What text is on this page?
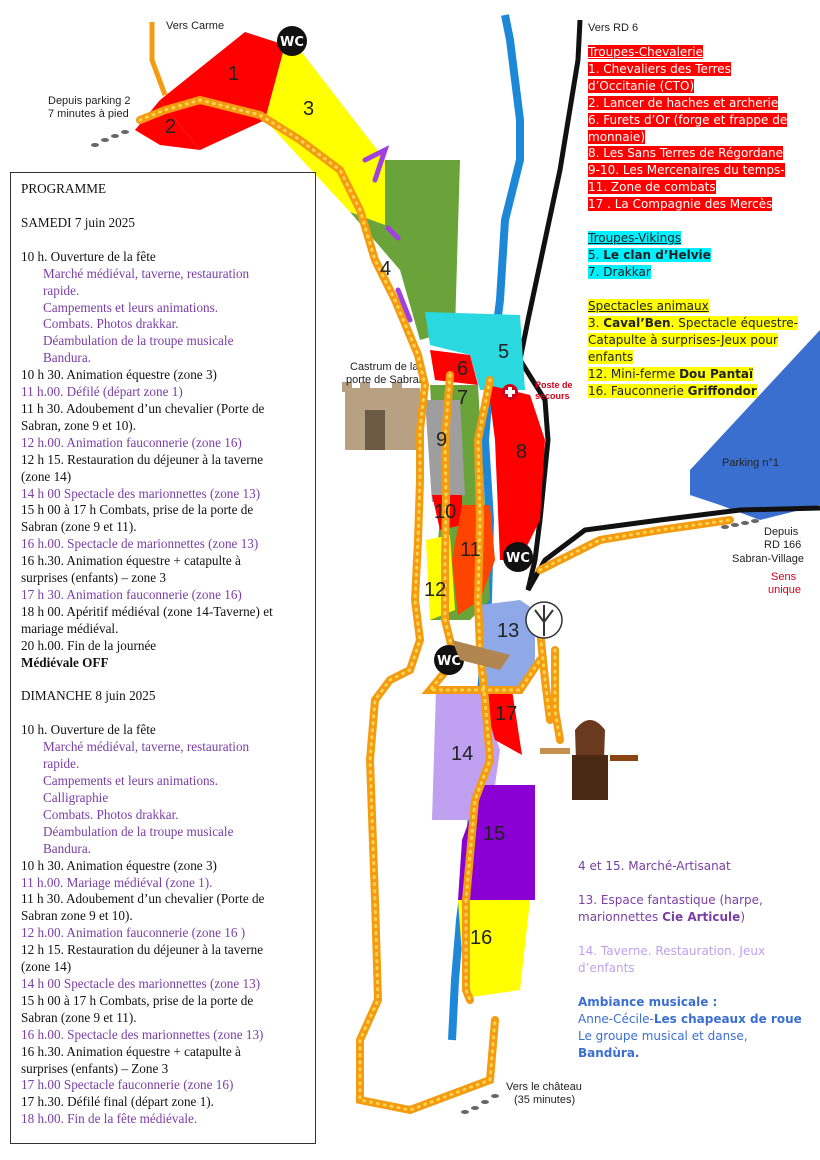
Parking n°1
Castrum de la
porte de Sabran
1
2
3
4
5
6
7
8
9
10
11
12
13
14
15
16
17
WC
WC
WC
Poste de
secours
Vers Carme
Depuis parking 2
7 minutes à pied
Vers RD 6
Depuis
RD 166
Sabran-Village
Sens
unique
Vers le château
(35 minutes)
PROGRAMME
SAMEDI 7 juin 2025
10 h. Ouverture de la fête
Marché médiéval, taverne, restauration
rapide.
Campements et leurs animations.
Combats. Photos drakkar.
Déambulation de la troupe musicale
Bandura.
10 h 30. Animation équestre (zone 3)
11 h.00. Défilé (départ zone 1)
11 h 30. Adoubement d’un chevalier (Porte de
Sabran, zone 9 et 10).
12 h.00. Animation fauconnerie (zone 16)
12 h 15. Restauration du déjeuner à la taverne
(zone 14)
14 h 00 Spectacle des marionnettes (zone 13)
15 h 00 à 17 h Combats, prise de la porte de
Sabran (zone 9 et 11).
16 h.00. Spectacle de marionnettes (zone 13)
16 h.30. Animation équestre + catapulte à
surprises (enfants) – zone 3
17 h 30. Animation fauconnerie (zone 16)
18 h 00. Apéritif médiéval (zone 14-Taverne) et
mariage médiéval.
20 h.00. Fin de la journée
Médiévale OFF
DIMANCHE 8 juin 2025
10 h. Ouverture de la fête
Marché médiéval, taverne, restauration
rapide.
Campements et leurs animations.
Calligraphie
Combats. Photos drakkar.
Déambulation de la troupe musicale
Bandura.
10 h 30. Animation équestre (zone 3)
11 h.00. Mariage médiéval (zone 1).
11 h 30. Adoubement d’un chevalier (Porte de
Sabran zone 9 et 10).
12 h.00. Animation fauconnerie (zone 16 )
12 h 15. Restauration du déjeuner à la taverne
(zone 14)
14 h 00 Spectacle des marionnettes (zone 13)
15 h 00 à 17 h Combats, prise de la porte de
Sabran (zone 9 et 11).
16 h.00. Spectacle des marionnettes (zone 13)
16 h.30. Animation équestre + catapulte à
surprises (enfants) – Zone 3
17 h.00 Spectacle fauconnerie (zone 16)
17 h.30. Défilé final (départ zone 1).
18 h.00. Fin de la fête médiévale.
Troupes-Chevalerie
1. Chevaliers des Terres
d’Occitanie (CTO)
2. Lancer de haches et archerie
6. Furets d’Or (forge et frappe de
monnaie)
8. Les Sans Terres de Régordane
9-10. Les Mercenaires du temps-
11. Zone de combats
17 . La Compagnie des Mercès
Troupes-Vikings
5. Le clan d’Helvie
7. Drakkar
Spectacles animaux
3. Caval’Ben. Spectacle équestre-
Catapulte à surprises-Jeux pour
enfants
12. Mini-ferme Dou Pantaï
16. Fauconnerie Griffondor
4 et 15. Marché-Artisanat
13. Espace fantastique (harpe,
marionnettes Cie Articule)
14. Taverne. Restauration. Jeux
d’enfants
Ambiance musicale :
Anne-Cécile-Les chapeaux de roue
Le groupe musical et danse,
Bandùra.
